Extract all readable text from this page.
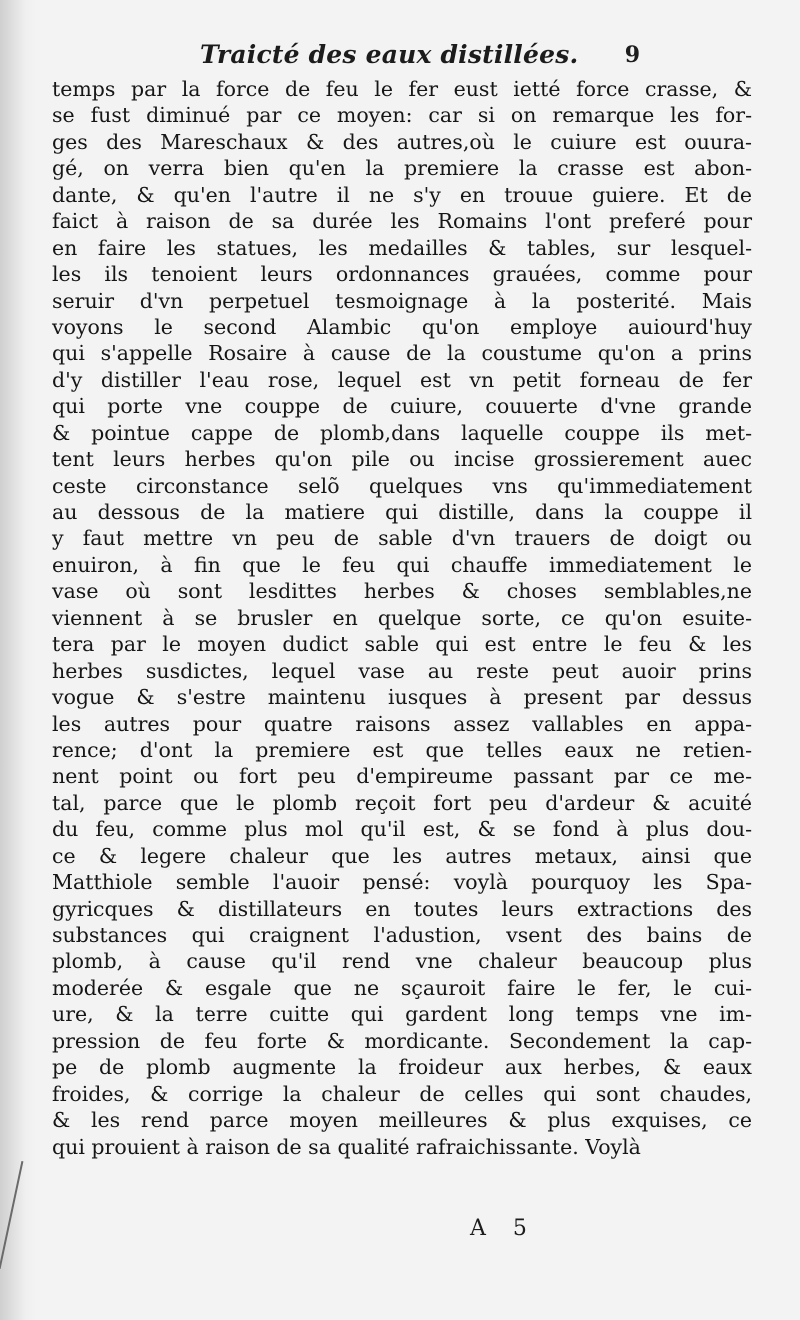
Traicté des eaux distillées. 9
temps par la force de feu le fer eust ietté force crasse, &
se fust diminué par ce moyen: car si on remarque les for-
ges des Mareschaux & des autres,où le cuiure est ouura-
gé, on verra bien qu'en la premiere la crasse est abon-
dante, & qu'en l'autre il ne s'y en trouue guiere. Et de
faict à raison de sa durée les Romains l'ont preferé pour
en faire les statues, les medailles & tables, sur lesquel-
les ils tenoient leurs ordonnances grauées, comme pour
seruir d'vn perpetuel tesmoignage à la posterité. Mais
voyons le second Alambic qu'on employe auiourd'huy
qui s'appelle Rosaire à cause de la coustume qu'on a prins
d'y distiller l'eau rose, lequel est vn petit forneau de fer
qui porte vne couppe de cuiure, couuerte d'vne grande
& pointue cappe de plomb,dans laquelle couppe ils met-
tent leurs herbes qu'on pile ou incise grossierement auec
ceste circonstance selõ quelques vns qu'immediatement
au dessous de la matiere qui distille, dans la couppe il
y faut mettre vn peu de sable d'vn trauers de doigt ou
enuiron, à fin que le feu qui chauffe immediatement le
vase où sont lesdittes herbes & choses semblables,ne
viennent à se brusler en quelque sorte, ce qu'on esuite-
tera par le moyen dudict sable qui est entre le feu & les
herbes susdictes, lequel vase au reste peut auoir prins
vogue & s'estre maintenu iusques à present par dessus
les autres pour quatre raisons assez vallables en appa-
rence; d'ont la premiere est que telles eaux ne retien-
nent point ou fort peu d'empireume passant par ce me-
tal, parce que le plomb reçoit fort peu d'ardeur & acuité
du feu, comme plus mol qu'il est, & se fond à plus dou-
ce & legere chaleur que les autres metaux, ainsi que
Matthiole semble l'auoir pensé: voylà pourquoy les Spa-
gyricques & distillateurs en toutes leurs extractions des
substances qui craignent l'adustion, vsent des bains de
plomb, à cause qu'il rend vne chaleur beaucoup plus
moderée & esgale que ne sçauroit faire le fer, le cui-
ure, & la terre cuitte qui gardent long temps vne im-
pression de feu forte & mordicante. Secondement la cap-
pe de plomb augmente la froideur aux herbes, & eaux
froides, & corrige la chaleur de celles qui sont chaudes,
& les rend parce moyen meilleures & plus exquises, ce
qui prouient à raison de sa qualité rafraichissante. Voylà
A 5
